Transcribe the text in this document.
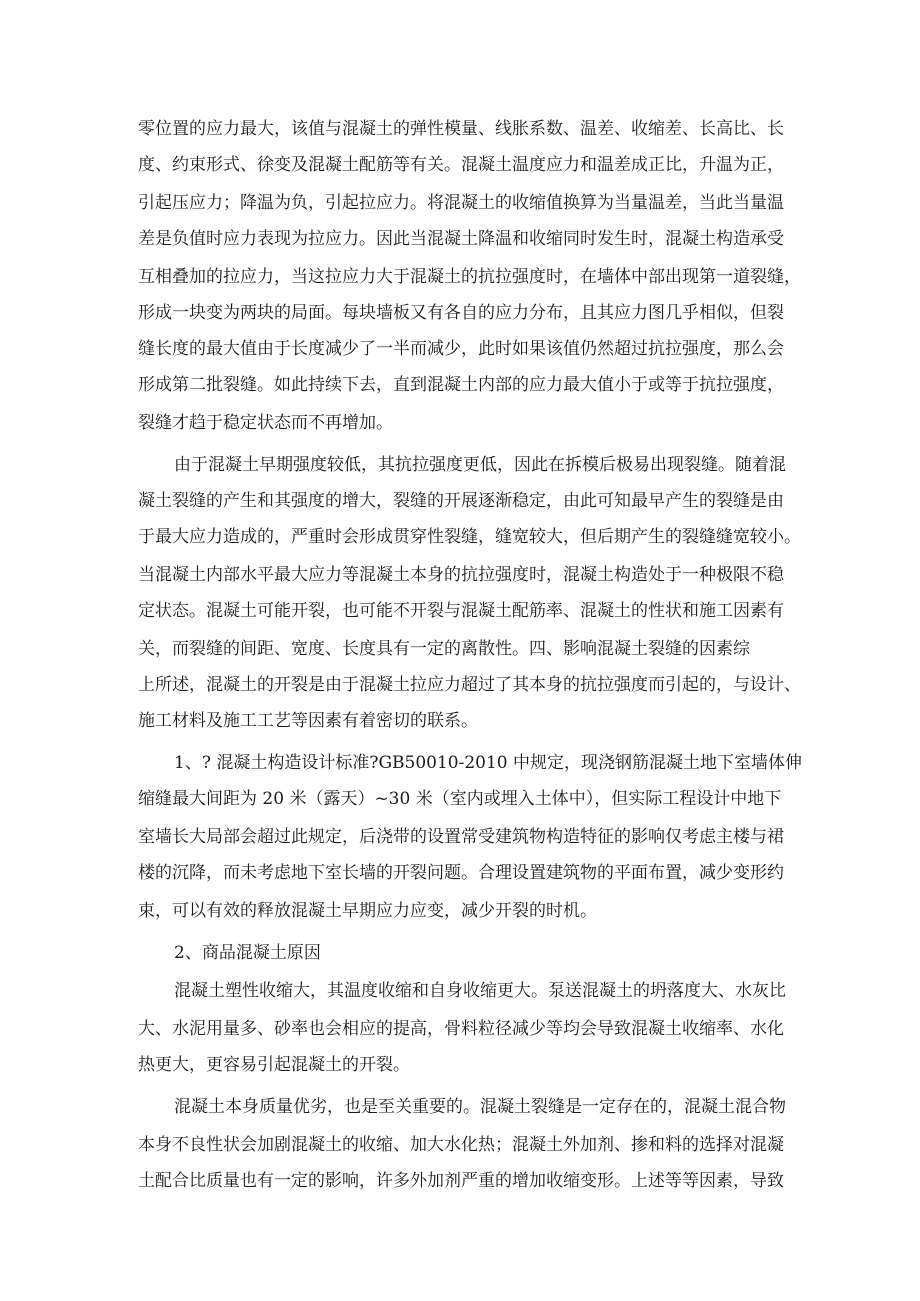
零位置的应力最大，该值与混凝土的弹性模量、线胀系数、温差、收缩差、长高比、长
度、约束形式、徐变及混凝土配筋等有关。混凝土温度应力和温差成正比，升温为正，
引起压应力；降温为负，引起拉应力。将混凝土的收缩值换算为当量温差，当此当量温
差是负值时应力表现为拉应力。因此当混凝土降温和收缩同时发生时，混凝土构造承受
互相叠加的拉应力，当这拉应力大于混凝土的抗拉强度时，在墙体中部出现第一道裂缝，
形成一块变为两块的局面。每块墙板又有各自的应力分布，且其应力图几乎相似，但裂
缝长度的最大值由于长度减少了一半而减少，此时如果该值仍然超过抗拉强度，那么会
形成第二批裂缝。如此持续下去，直到混凝土内部的应力最大值小于或等于抗拉强度，
裂缝才趋于稳定状态而不再增加。
由于混凝土早期强度较低，其抗拉强度更低，因此在拆模后极易出现裂缝。随着混
凝土裂缝的产生和其强度的增大，裂缝的开展逐渐稳定，由此可知最早产生的裂缝是由
于最大应力造成的，严重时会形成贯穿性裂缝，缝宽较大，但后期产生的裂缝缝宽较小。
当混凝土内部水平最大应力等混凝土本身的抗拉强度时，混凝土构造处于一种极限不稳
定状态。混凝土可能开裂，也可能不开裂与混凝土配筋率、混凝土的性状和施工因素有
关，而裂缝的间距、宽度、长度具有一定的离散性。四、影响混凝土裂缝的因素综
上所述，混凝土的开裂是由于混凝土拉应力超过了其本身的抗拉强度而引起的，与设计、
施工材料及施工工艺等因素有着密切的联系。
1、? 混凝土构造设计标准?GB50010-2010 中规定，现浇钢筋混凝土地下室墙体伸
缩缝最大间距为 20 米（露天）~30 米（室内或埋入土体中），但实际工程设计中地下
室墙长大局部会超过此规定，后浇带的设置常受建筑物构造特征的影响仅考虑主楼与裙
楼的沉降，而未考虑地下室长墙的开裂问题。合理设置建筑物的平面布置，减少变形约
束，可以有效的释放混凝土早期应力应变，减少开裂的时机。
2、商品混凝土原因
混凝土塑性收缩大，其温度收缩和自身收缩更大。泵送混凝土的坍落度大、水灰比
大、水泥用量多、砂率也会相应的提高，骨料粒径减少等均会导致混凝土收缩率、水化
热更大，更容易引起混凝土的开裂。
混凝土本身质量优劣，也是至关重要的。混凝土裂缝是一定存在的，混凝土混合物
本身不良性状会加剧混凝土的收缩、加大水化热；混凝土外加剂、掺和料的选择对混凝
土配合比质量也有一定的影响，许多外加剂严重的增加收缩变形。上述等等因素，导致
